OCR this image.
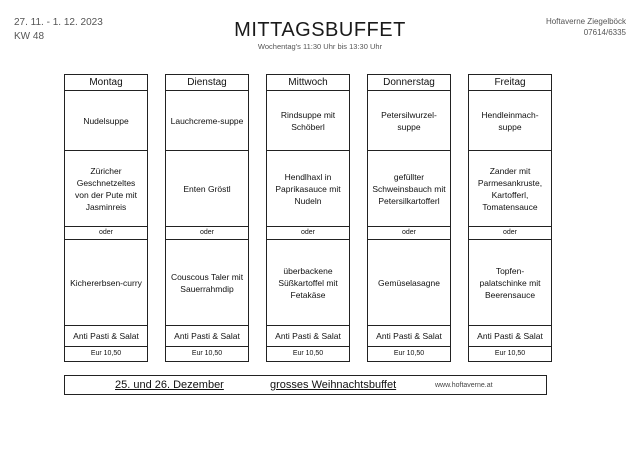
27. 11. - 1. 12. 2023
KW 48	MITTAGSBUFFET
Wochentag's 11:30 Uhr bis 13:30 Uhr
Hoftaverne Ziegelböck
07614/6335
Montag
Nudelsuppe
Züricher Geschnetzeltes von der Pute mit Jasminreis
oder
Kichererbsen-curry
Anti Pasti & Salat
Eur 10,50
Dienstag
Lauchcreme-suppe
Enten Gröstl
oder
Couscous Taler mit Sauerrahmdip
Anti Pasti & Salat
Eur 10,50
Mittwoch
Rindsuppe mit Schöberl
Hendlhaxl in Paprikasauce mit Nudeln
oder
überbackene Süßkartoffel mit Fetakäse
Anti Pasti & Salat
Eur 10,50
Donnerstag
Petersilwurzel-suppe
gefüllter Schweinsbauch mit Petersilkartofferl
oder
Gemüselasagne
Anti Pasti & Salat
Eur 10,50
Freitag
Hendleinmach-suppe
Zander mit Parmesankruste, Kartofferl, Tomatensauce
oder
Topfen-palatschinke mit Beerensauce
Anti Pasti & Salat
Eur 10,50
25. und 26. Dezember	grosses Weihnachtsbuffet	www.hoftaverne.at
